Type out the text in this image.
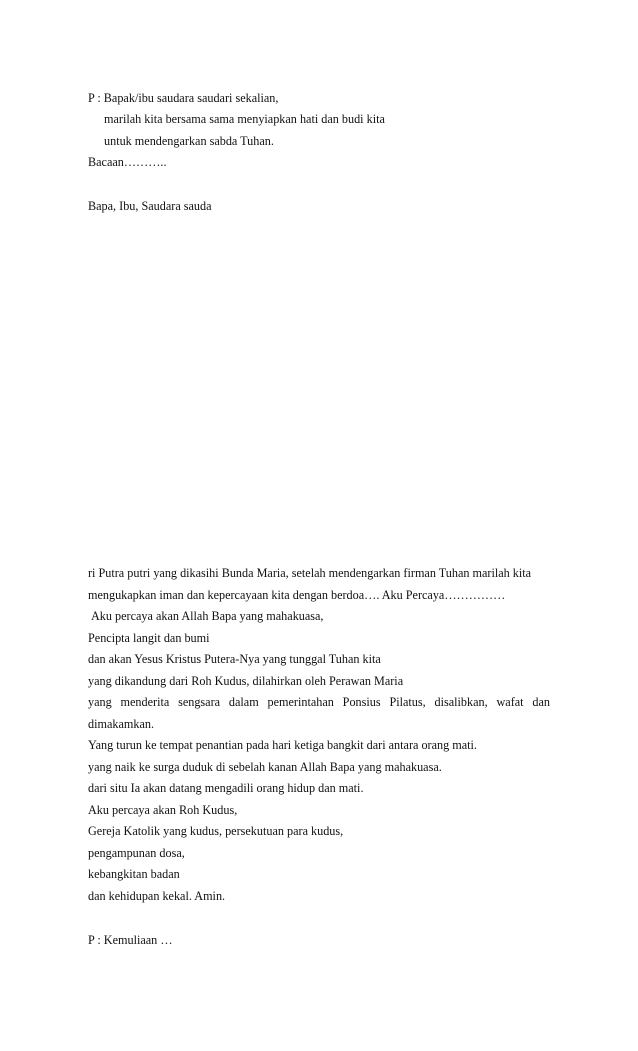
P : Bapak/ibu saudara saudari sekalian,

marilah kita bersama sama menyiapkan hati dan budi kita

untuk mendengarkan sabda Tuhan.

Bacaan………..

Bapa, Ibu, Saudara sauda

ri Putra putri yang dikasihi Bunda Maria, setelah mendengarkan firman Tuhan marilah kita

mengukapkan iman dan kepercayaan kita dengan berdoa…. Aku Percaya……………

Aku percaya akan Allah Bapa yang mahakuasa,

Pencipta langit dan bumi

dan akan Yesus Kristus Putera-Nya yang tunggal Tuhan kita

yang dikandung dari Roh Kudus, dilahirkan oleh Perawan Maria

yang menderita sengsara dalam pemerintahan Ponsius Pilatus, disalibkan, wafat dan

dimakamkan.

Yang turun ke tempat penantian pada hari ketiga bangkit dari antara orang mati.

yang naik ke surga duduk di sebelah kanan Allah Bapa yang mahakuasa.

dari situ Ia akan datang mengadili orang hidup dan mati.

Aku percaya akan Roh Kudus,

Gereja Katolik yang kudus, persekutuan para kudus,

pengampunan dosa,

kebangkitan badan

dan kehidupan kekal. Amin.

P : Kemuliaan …
